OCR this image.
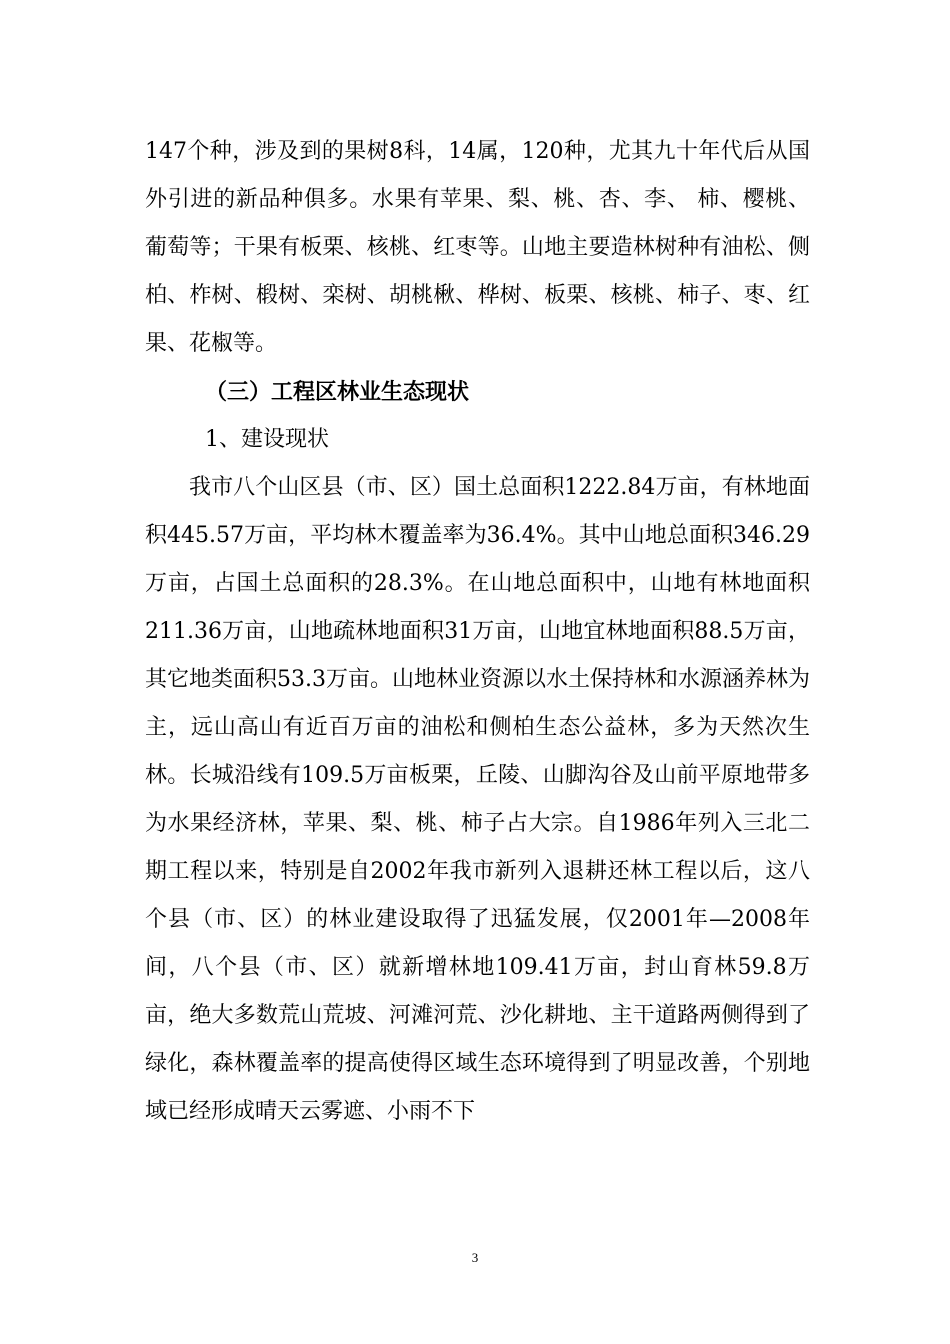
147个种，涉及到的果树8科，14属，120种，尤其九十年代后从国外引进的新品种俱多。水果有苹果、梨、桃、杏、李、 柿、樱桃、葡萄等；干果有板栗、核桃、红枣等。山地主要造林树种有油松、侧柏、柞树、椴树、栾树、胡桃楸、桦树、板栗、核桃、柿子、枣、红果、花椒等。

（三）工程区林业生态现状

1、建设现状

我市八个山区县（市、区）国土总面积1222.84万亩，有林地面积445.57万亩，平均林木覆盖率为36.4%。其中山地总面积346.29万亩，占国土总面积的28.3%。在山地总面积中，山地有林地面积211.36万亩，山地疏林地面积31万亩，山地宜林地面积88.5万亩，其它地类面积53.3万亩。山地林业资源以水土保持林和水源涵养林为主，远山高山有近百万亩的油松和侧柏生态公益林，多为天然次生林。长城沿线有109.5万亩板栗，丘陵、山脚沟谷及山前平原地带多为水果经济林，苹果、梨、桃、柿子占大宗。自1986年列入三北二期工程以来，特别是自2002年我市新列入退耕还林工程以后，这八个县（市、区）的林业建设取得了迅猛发展，仅2001年—2008年间，八个县（市、区）就新增林地109.41万亩，封山育林59.8万亩，绝大多数荒山荒坡、河滩河荒、沙化耕地、主干道路两侧得到了绿化，森林覆盖率的提高使得区域生态环境得到了明显改善，个别地域已经形成晴天云雾遮、小雨不下

3
